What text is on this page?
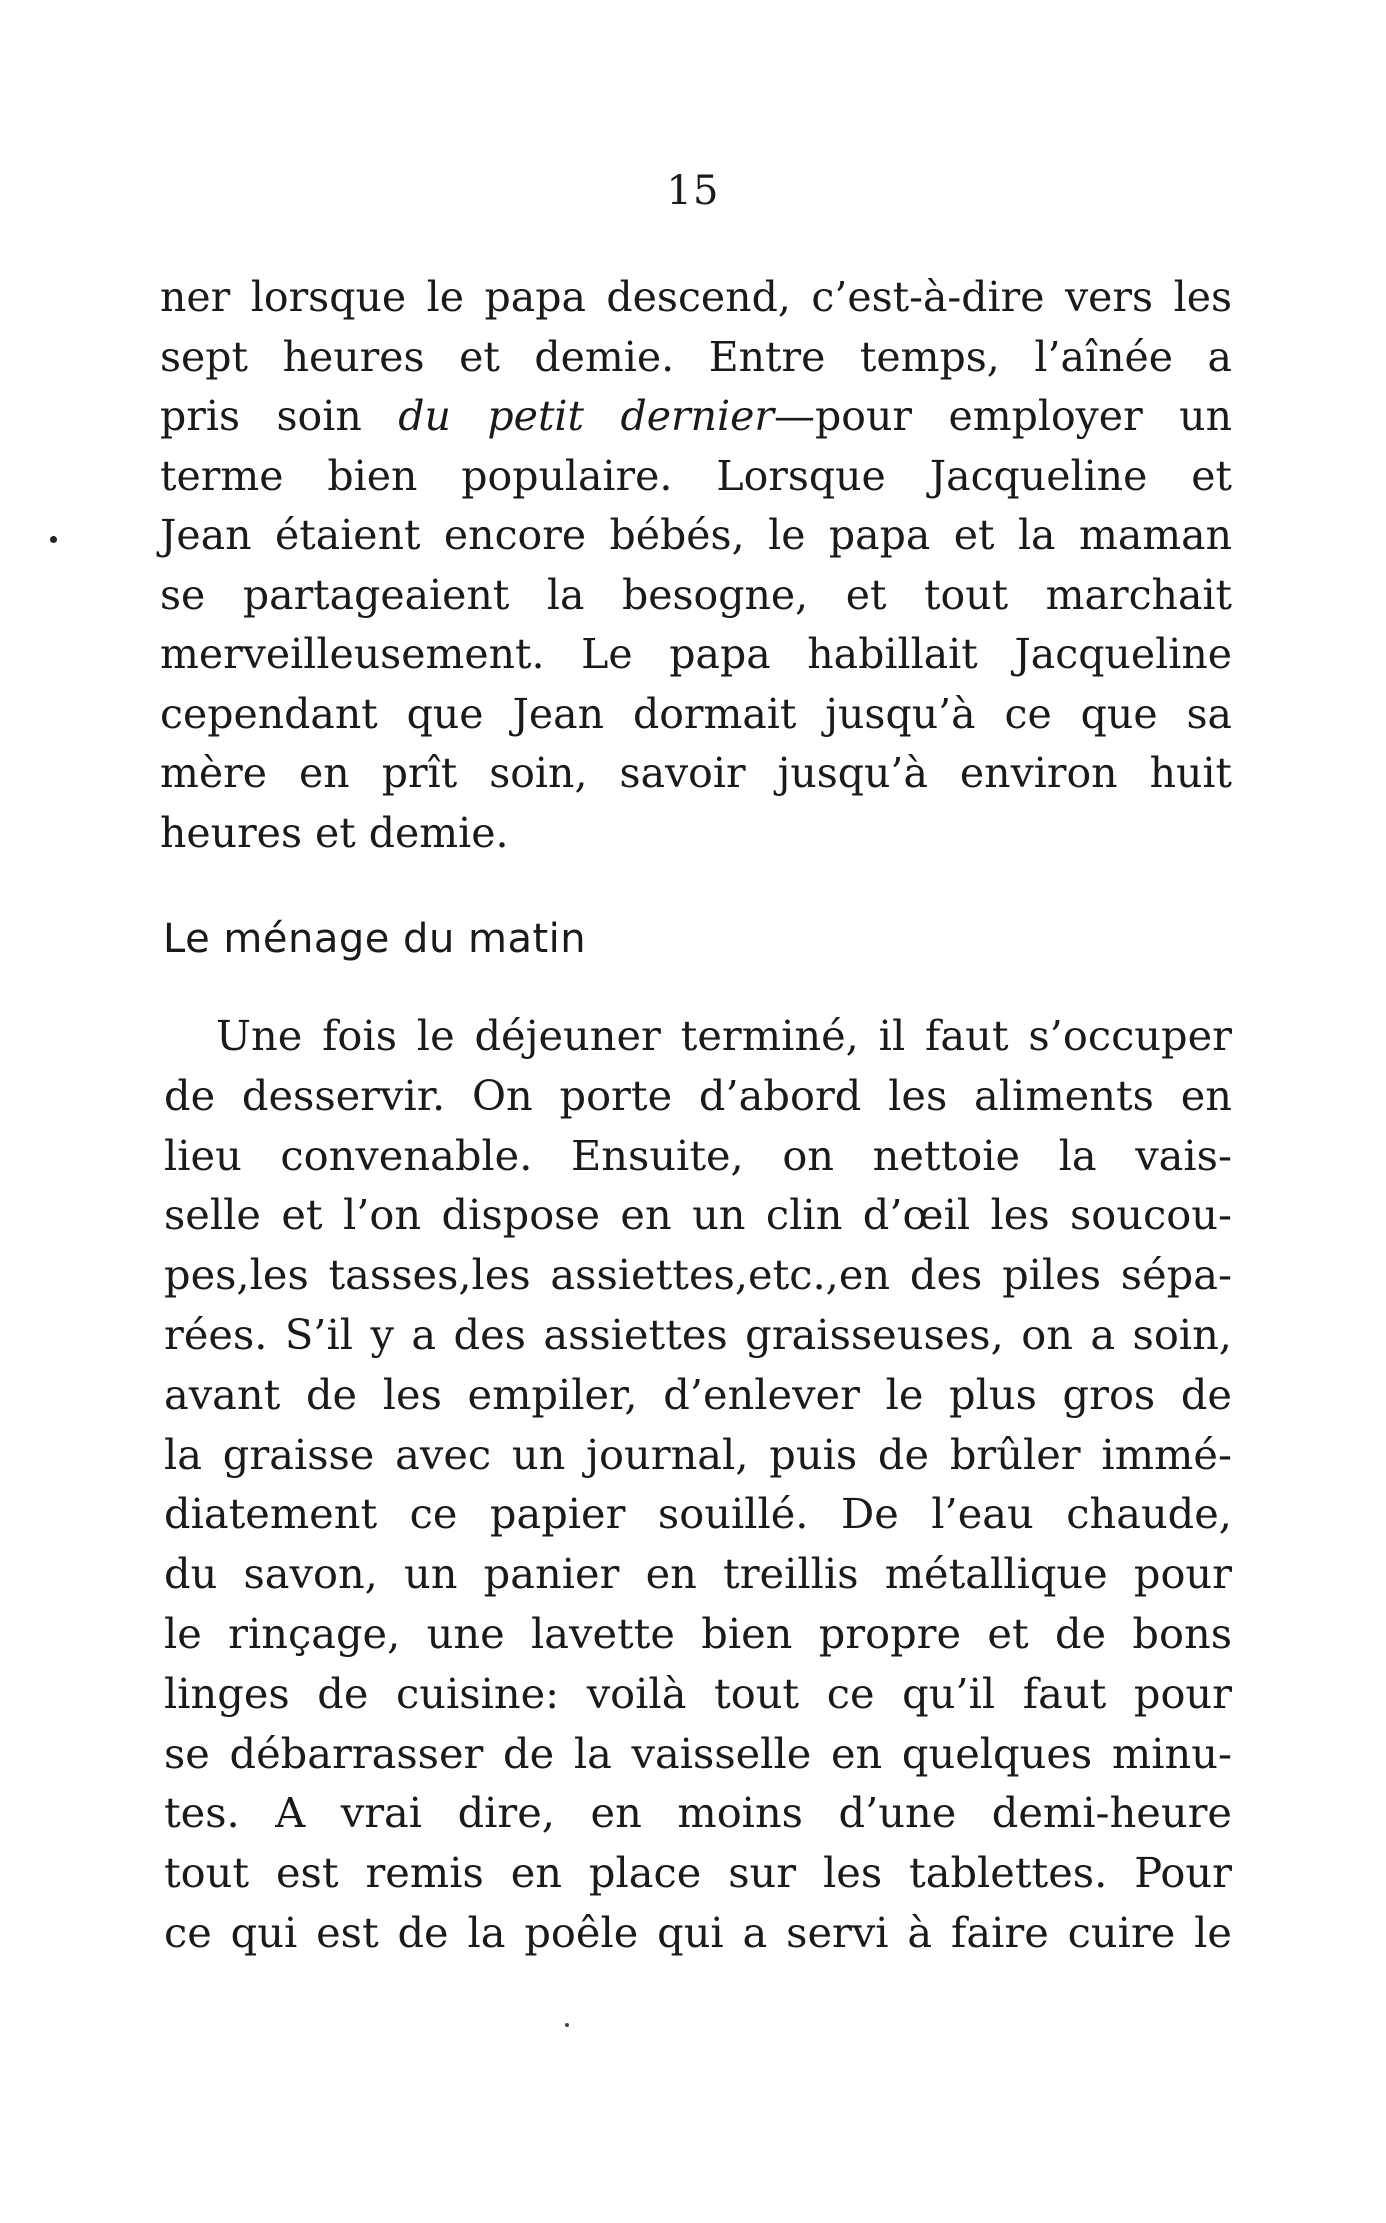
15
ner lorsque le papa descend, c’est-à-dire vers les
sept heures et demie. Entre temps, l’aînée a
pris soin du petit dernier—pour employer un
terme bien populaire. Lorsque Jacqueline et
Jean étaient encore bébés, le papa et la maman
se partageaient la besogne, et tout marchait
merveilleusement. Le papa habillait Jacqueline
cependant que Jean dormait jusqu’à ce que sa
mère en prît soin, savoir jusqu’à environ huit
heures et demie.
Le ménage du matin
Une fois le déjeuner terminé, il faut s’occuper
de desservir. On porte d’abord les aliments en
lieu convenable. Ensuite, on nettoie la vais-
selle et l’on dispose en un clin d’œil les soucou-
pes,les tasses,les assiettes,etc.,en des piles sépa-
rées. S’il y a des assiettes graisseuses, on a soin,
avant de les empiler, d’enlever le plus gros de
la graisse avec un journal, puis de brûler immé-
diatement ce papier souillé. De l’eau chaude,
du savon, un panier en treillis métallique pour
le rinçage, une lavette bien propre et de bons
linges de cuisine: voilà tout ce qu’il faut pour
se débarrasser de la vaisselle en quelques minu-
tes. A vrai dire, en moins d’une demi-heure
tout est remis en place sur les tablettes. Pour
ce qui est de la poêle qui a servi à faire cuire le
